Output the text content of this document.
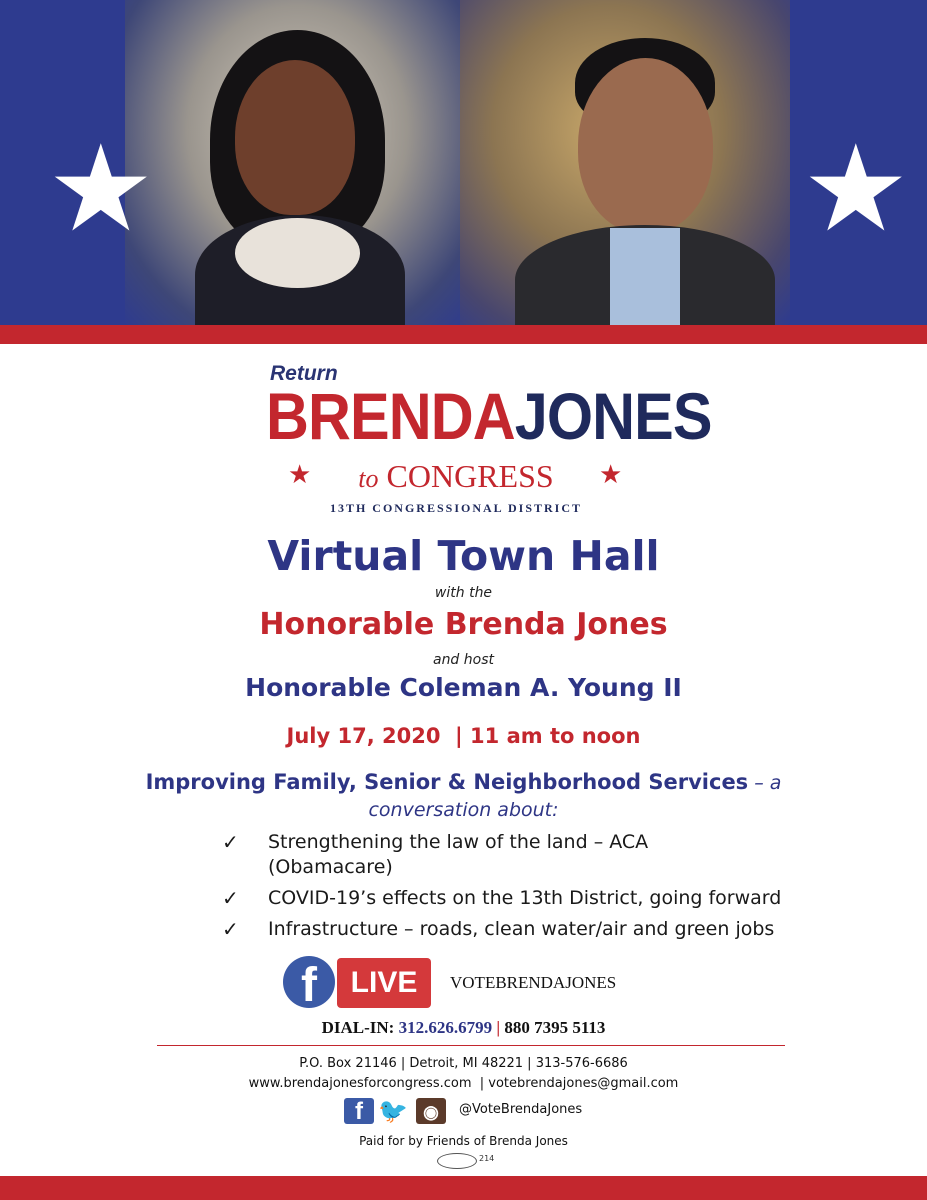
★	★
Return
BRENDAJONES
★	to CONGRESS	★
13TH CONGRESSIONAL DISTRICT
Virtual Town Hall
with the
Honorable Brenda Jones
and host
Honorable Coleman A. Young II
July 17, 2020  | 11 am to noon
Improving Family, Senior & Neighborhood Services – a
conversation about:
✓ Strengthening the law of the land – ACA
(Obamacare)
✓ COVID-19’s effects on the 13th District, going forward
✓ Infrastructure – roads, clean water/air and green jobs
f	LIVE	VOTEBRENDAJONES
DIAL-IN: 312.626.6799 | 880 7395 5113
P.O. Box 21146 | Detroit, MI 48221 | 313-576-6686
www.brendajonesforcongress.com  | votebrendajones@gmail.com
f 🐦 ◉	@VoteBrendaJones
Paid for by Friends of Brenda Jones
214
